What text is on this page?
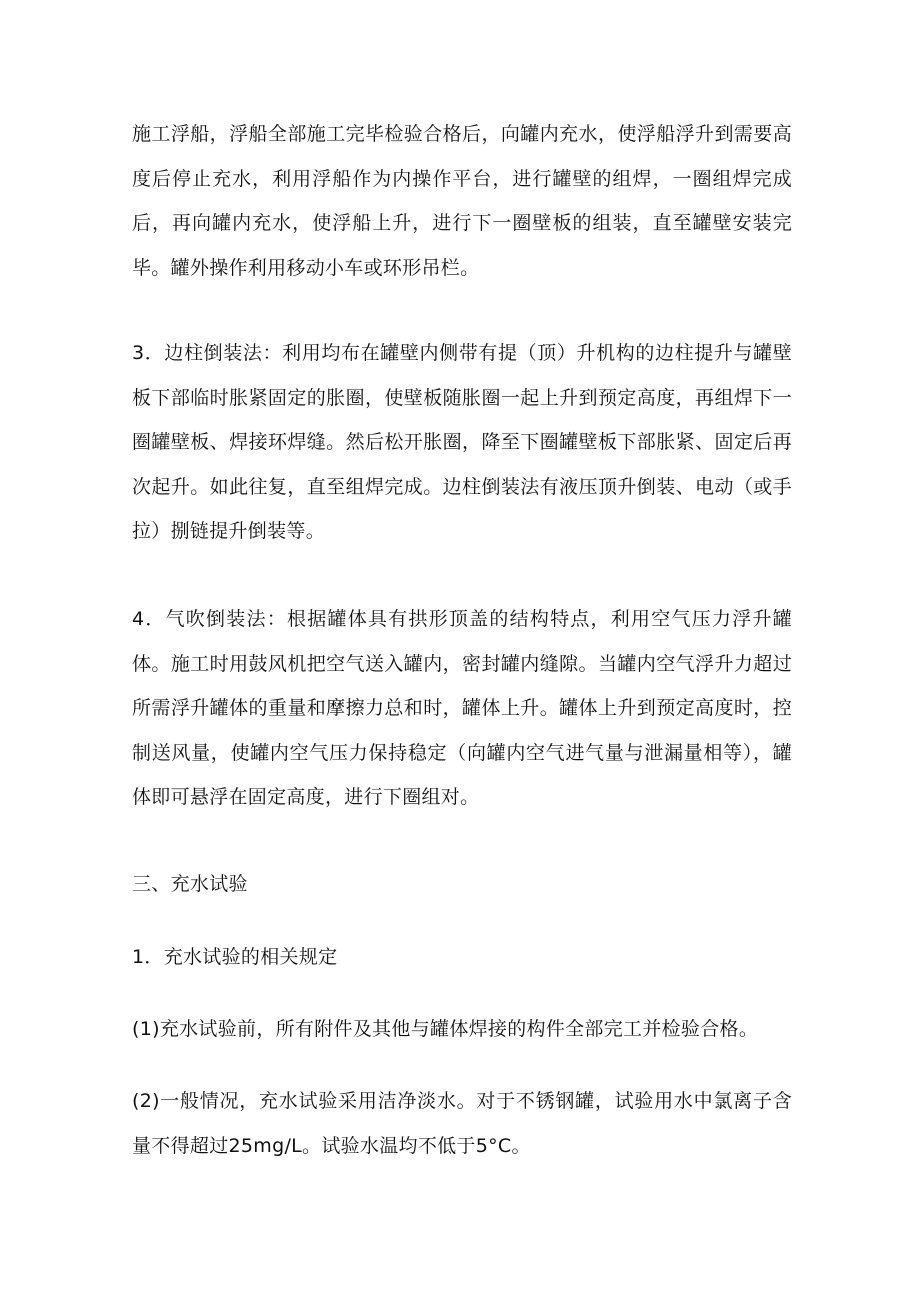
施工浮船，浮船全部施工完毕检验合格后，向罐内充水，使浮船浮升到需要高度后停止充水，利用浮船作为内操作平台，进行罐壁的组焊，一圈组焊完成后，再向罐内充水，使浮船上升，进行下一圈壁板的组装，直至罐壁安装完毕。罐外操作利用移动小车或环形吊栏。

3．边柱倒装法：利用均布在罐壁内侧带有提（顶）升机构的边柱提升与罐壁板下部临时胀紧固定的胀圈，使壁板随胀圈一起上升到预定高度，再组焊下一圈罐壁板、焊接环焊缝。然后松开胀圈，降至下圈罐壁板下部胀紧、固定后再次起升。如此往复，直至组焊完成。边柱倒装法有液压顶升倒装、电动（或手拉）捌链提升倒装等。

4．气吹倒装法：根据罐体具有拱形顶盖的结构特点，利用空气压力浮升罐体。施工时用鼓风机把空气送入罐内，密封罐内缝隙。当罐内空气浮升力超过所需浮升罐体的重量和摩擦力总和时，罐体上升。罐体上升到预定高度时，控制送风量，使罐内空气压力保持稳定（向罐内空气进气量与泄漏量相等），罐体即可悬浮在固定高度，进行下圈组对。

三、充水试验

1．充水试验的相关规定

(1)充水试验前，所有附件及其他与罐体焊接的构件全部完工并检验合格。

(2)一般情况，充水试验采用洁净淡水。对于不锈钢罐，试验用水中氯离子含量不得超过25mg/L。试验水温均不低于5°C。
